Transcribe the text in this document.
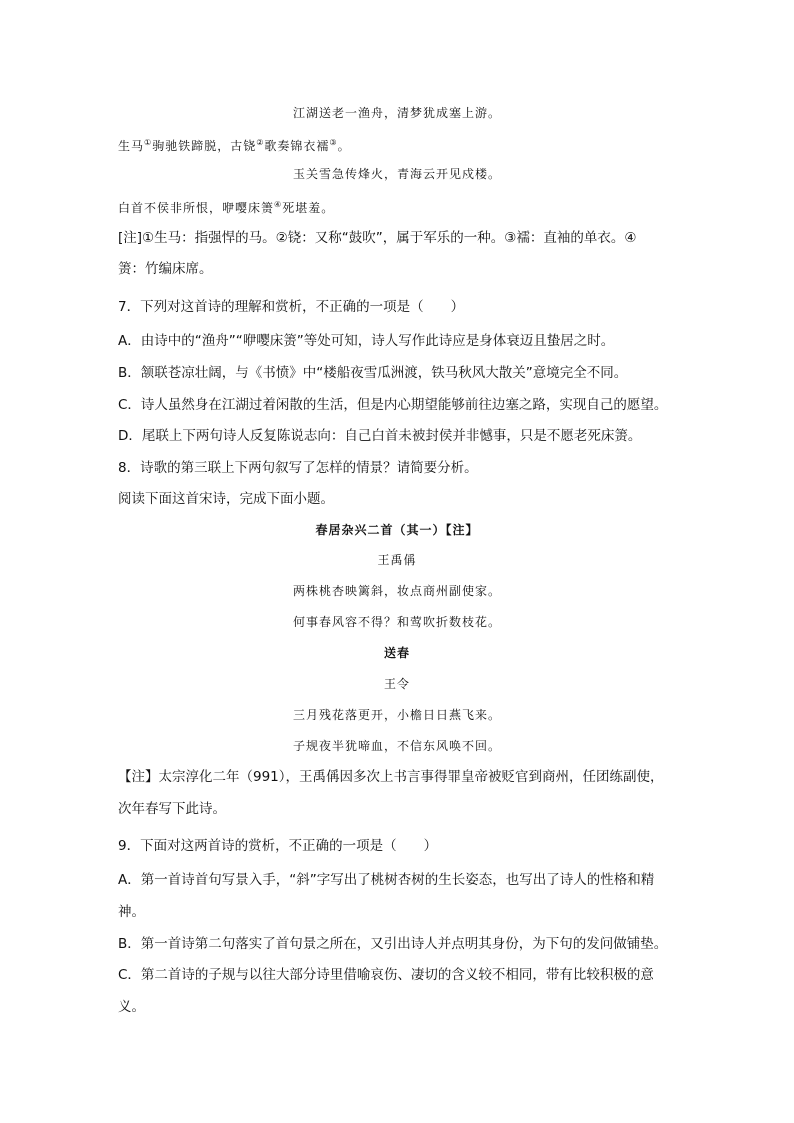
江湖送老一渔舟，清梦犹成塞上游。
生马①驹驰铁蹄脱，古铙②歌奏锦衣襦③。
玉关雪急传烽火，青海云开见戍楼。
白首不侯非所恨，咿嘤床箦④死堪羞。
[注]①生马：指强悍的马。②铙：又称“鼓吹”，属于军乐的一种。③襦：直袖的单衣。④
箦：竹编床席。
7．下列对这首诗的理解和赏析，不正确的一项是（　　）
A．由诗中的“渔舟”“咿嘤床箦”等处可知，诗人写作此诗应是身体衰迈且蛰居之时。
B．颔联苍凉壮阔，与《书愤》中“楼船夜雪瓜洲渡，铁马秋风大散关”意境完全不同。
C．诗人虽然身在江湖过着闲散的生活，但是内心期望能够前往边塞之路，实现自己的愿望。
D．尾联上下两句诗人反复陈说志向：自己白首未被封侯并非憾事，只是不愿老死床箦。
8．诗歌的第三联上下两句叙写了怎样的情景？请简要分析。
阅读下面这首宋诗，完成下面小题。
春居杂兴二首（其一）【注】
王禹偁
两株桃杏映篱斜，妆点商州副使家。
何事春风容不得？和莺吹折数枝花。
送春
王令
三月残花落更开，小檐日日燕飞来。
子规夜半犹啼血，不信东风唤不回。
【注】太宗淳化二年（991），王禹偁因多次上书言事得罪皇帝被贬官到商州，任团练副使，
次年春写下此诗。
9．下面对这两首诗的赏析，不正确的一项是（　　）
A．第一首诗首句写景入手，“斜”字写出了桃树杏树的生长姿态，也写出了诗人的性格和精
神。
B．第一首诗第二句落实了首句景之所在，又引出诗人并点明其身份，为下句的发问做铺垫。
C．第二首诗的子规与以往大部分诗里借喻哀伤、凄切的含义较不相同，带有比较积极的意
义。
